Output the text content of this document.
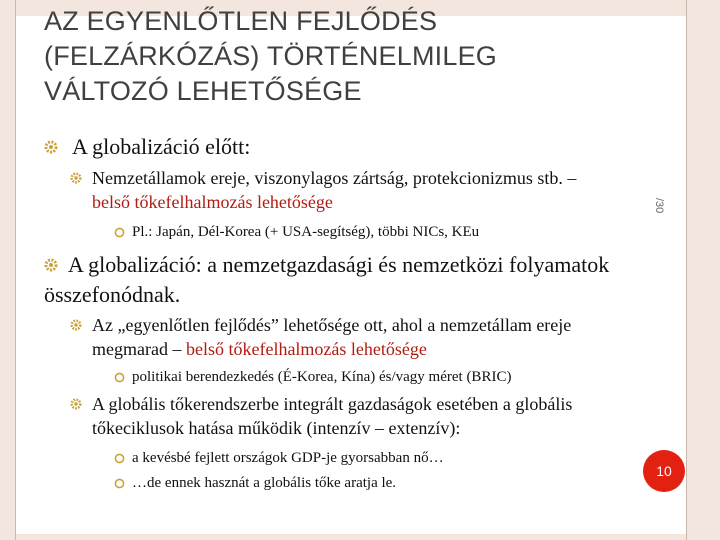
AZ EGYENLŐTLEN FEJLŐDÉS
(FELZÁRKÓZÁS) TÖRTÉNELMILEG
VÁLTOZÓ LEHETŐSÉGE
/30
A globalizáció előtt:
Nemzetállamok ereje, viszonylagos zártság, protekcionizmus stb. –
belső tőkefelhalmozás lehetősége
Pl.: Japán, Dél-Korea (+ USA-segítség), többi NICs, KEu
A globalizáció: a nemzetgazdasági és nemzetközi folyamatok
összefonódnak.
Az „egyenlőtlen fejlődés” lehetősége ott, ahol a nemzetállam ereje
megmarad – belső tőkefelhalmozás lehetősége
politikai berendezkedés (É-Korea, Kína) és/vagy méret (BRIC)
A globális tőkerendszerbe integrált gazdaságok esetében a globális
tőkeciklusok hatása működik (intenzív – extenzív):
a kevésbé fejlett országok GDP-je gyorsabban nő…
…de ennek hasznát a globális tőke aratja le.
10
